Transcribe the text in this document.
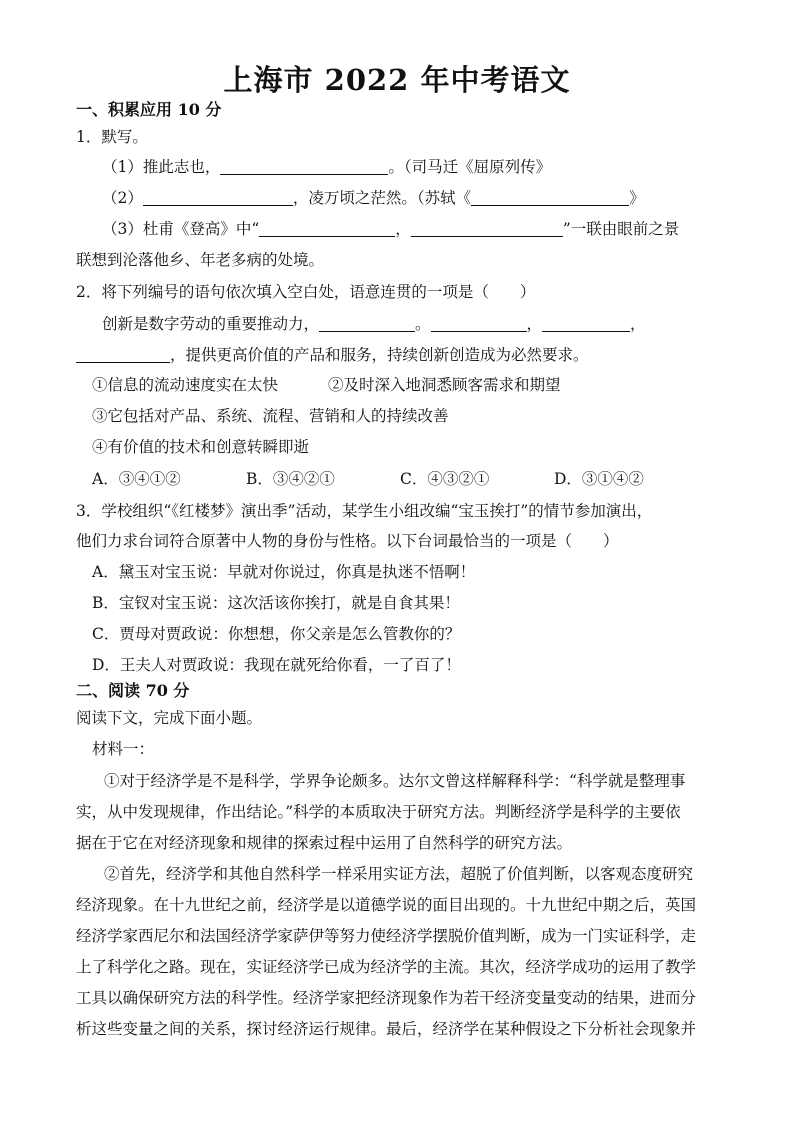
上海市 2022 年中考语文
一、积累应用 10 分
1．默写。
（1）推此志也，	。（司马迁《屈原列传》
（2）	，凌万顷之茫然。（苏轼《	》
（3）杜甫《登高》中“	，	”一联由眼前之景
联想到沦落他乡、年老多病的处境。
2．将下列编号的语句依次填入空白处，语意连贯的一项是（　　）
创新是数字劳动的重要推动力，	。	，	，
，提供更高价值的产品和服务，持续创新创造成为必然要求。
①信息的流动速度实在太快	②及时深入地洞悉顾客需求和期望
③它包括对产品、系统、流程、营销和人的持续改善
④有价值的技术和创意转瞬即逝
A．③④①②	B．③④②①	C．④③②①	D．③①④②
3．学校组织“《红楼梦》演出季”活动，某学生小组改编“宝玉挨打”的情节参加演出，
他们力求台词符合原著中人物的身份与性格。以下台词最恰当的一项是（　　）
A．黛玉对宝玉说：早就对你说过，你真是执迷不悟啊！
B．宝钗对宝玉说：这次活该你挨打，就是自食其果！
C．贾母对贾政说：你想想，你父亲是怎么管教你的？
D．王夫人对贾政说：我现在就死给你看，一了百了！
二、阅读 70 分
阅读下文，完成下面小题。
材料一：
①对于经济学是不是科学，学界争论颇多。达尔文曾这样解释科学：“科学就是整理事
实，从中发现规律，作出结论。”科学的本质取决于研究方法。判断经济学是科学的主要依
据在于它在对经济现象和规律的探索过程中运用了自然科学的研究方法。
②首先，经济学和其他自然科学一样采用实证方法，超脱了价值判断，以客观态度研究
经济现象。在十九世纪之前，经济学是以道德学说的面目出现的。十九世纪中期之后，英国
经济学家西尼尔和法国经济学家萨伊等努力使经济学摆脱价值判断，成为一门实证科学，走
上了科学化之路。现在，实证经济学已成为经济学的主流。其次，经济学成功的运用了教学
工具以确保研究方法的科学性。经济学家把经济现象作为若干经济变量变动的结果，进而分
析这些变量之间的关系，探讨经济运行规律。最后，经济学在某种假设之下分析社会现象并
